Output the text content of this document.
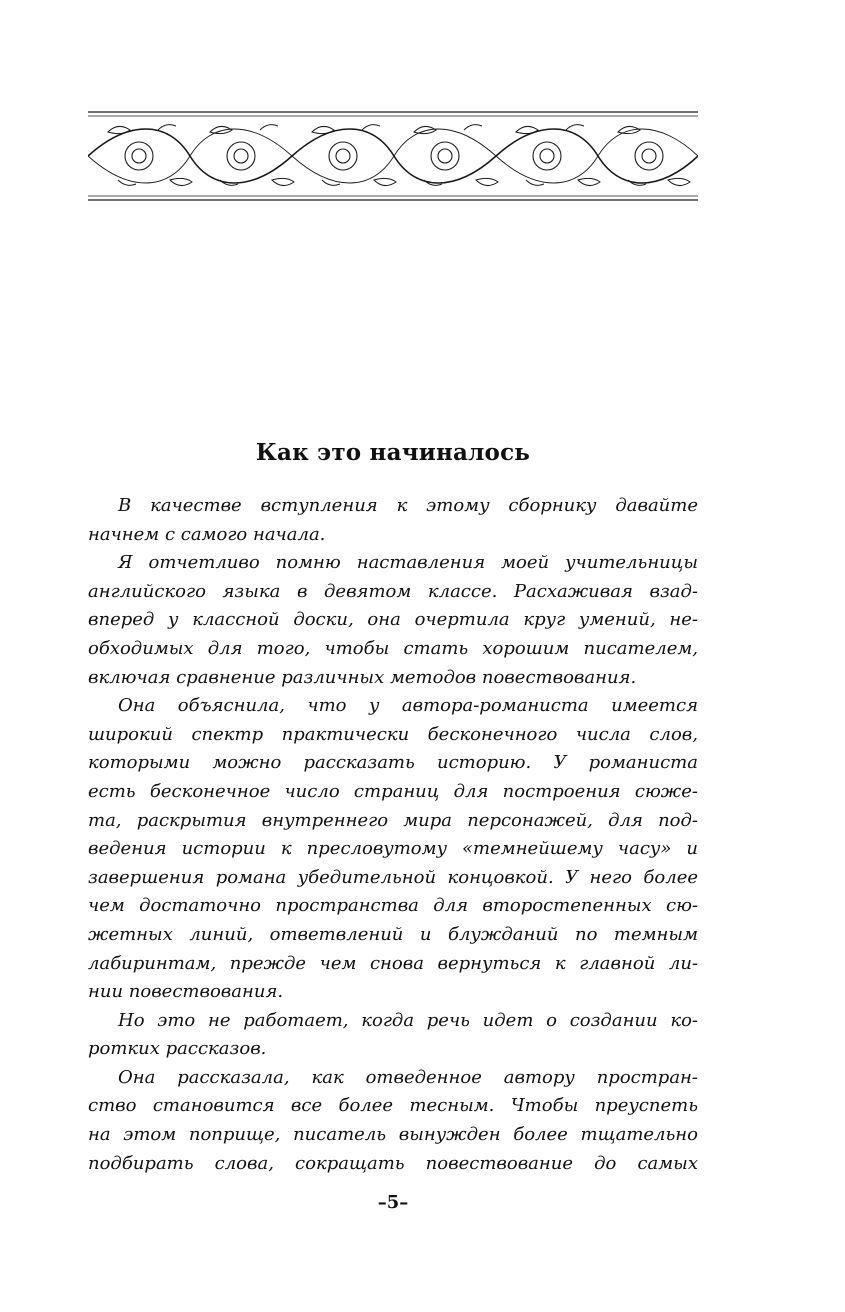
Как это начиналось
В качестве вступления к этому сборнику давайте
начнем с самого начала.
Я отчетливо помню наставления моей учительницы
английского языка в девятом классе. Расхаживая взад-
вперед у классной доски, она очертила круг умений, не-
обходимых для того, чтобы стать хорошим писателем,
включая сравнение различных методов повествования.
Она объяснила, что у автора-романиста имеется
широкий спектр практически бесконечного числа слов,
которыми можно рассказать историю. У романиста
есть бесконечное число страниц для построения сюже-
та, раскрытия внутреннего мира персонажей, для под-
ведения истории к пресловутому «темнейшему часу» и
завершения романа убедительной концовкой. У него более
чем достаточно пространства для второстепенных сю-
жетных линий, ответвлений и блужданий по темным
лабиринтам, прежде чем снова вернуться к главной ли-
нии повествования.
Но это не работает, когда речь идет о создании ко-
ротких рассказов.
Она рассказала, как отведенное автору простран-
ство становится все более тесным. Чтобы преуспеть
на этом поприще, писатель вынужден более тщательно
подбирать слова, сокращать повествование до самых
–5–
